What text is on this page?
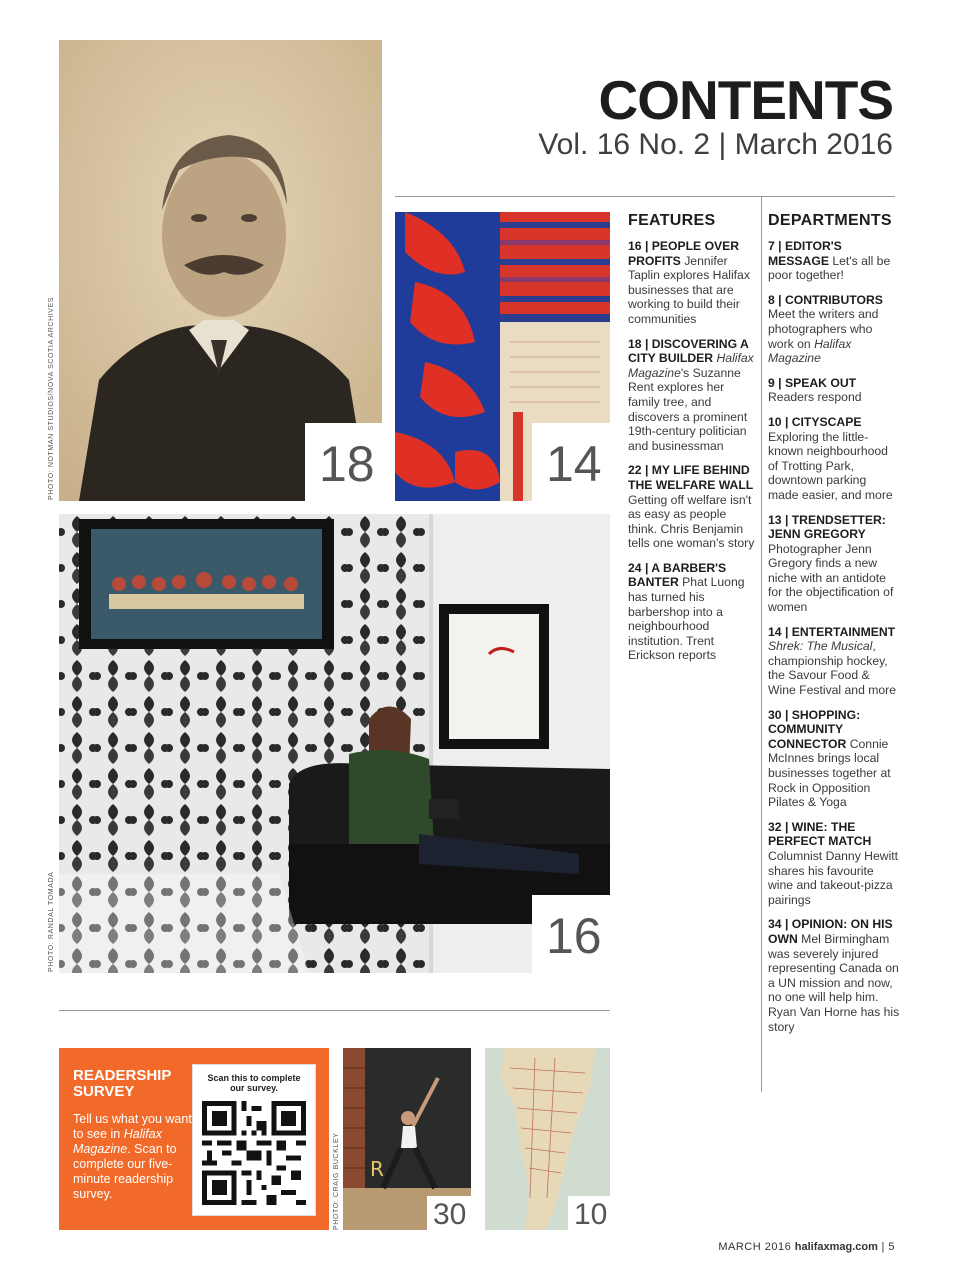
CONTENTS
Vol. 16 No. 2 | March 2016
18
PHOTO: NOTMAN STUDIOS/NOVA SCOTIA ARCHIVES	14
16
PHOTO: RANDAL TOMADA
FEATURES

16 | PEOPLE OVER PROFITS Jennifer Taplin explores Halifax businesses that are working to build their communities

18 | DISCOVERING A CITY BUILDER Halifax Magazine's Suzanne Rent explores her family tree, and discovers a prominent 19th-century politician and businessman

22 | MY LIFE BEHIND THE WELFARE WALL Getting off welfare isn't as easy as people think. Chris Benjamin tells one woman's story

24 | A BARBER'S BANTER Phat Luong has turned his barbershop into a neighbourhood institution. Trent Erickson reports

DEPARTMENTS

7 | EDITOR'S MESSAGE Let's all be poor together!

8 | CONTRIBUTORS Meet the writers and photographers who work on Halifax Magazine

9 | SPEAK OUT Readers respond

10 | CITYSCAPE Exploring the little-known neighbourhood of Trotting Park, downtown parking made easier, and more

13 | TRENDSETTER: JENN GREGORY Photographer Jenn Gregory finds a new niche with an antidote for the objectification of women

14 | ENTERTAINMENT Shrek: The Musical, championship hockey, the Savour Food & Wine Festival and more

30 | SHOPPING: COMMUNITY CONNECTOR Connie McInnes brings local businesses together at Rock in Opposition Pilates & Yoga

32 | WINE: THE PERFECT MATCH Columnist Danny Hewitt shares his favourite wine and takeout-pizza pairings

34 | OPINION: ON HIS OWN Mel Birmingham was severely injured representing Canada on a UN mission and now, no one will help him. Ryan Van Horne has his story

READERSHIP
SURVEY

Tell us what you want to see in Halifax Magazine. Scan to complete our five-minute readership survey.

Scan this to complete our survey.
R
30
PHOTO: CRAIG BUCKLEY	10
MARCH 2016 halifaxmag.com | 5
